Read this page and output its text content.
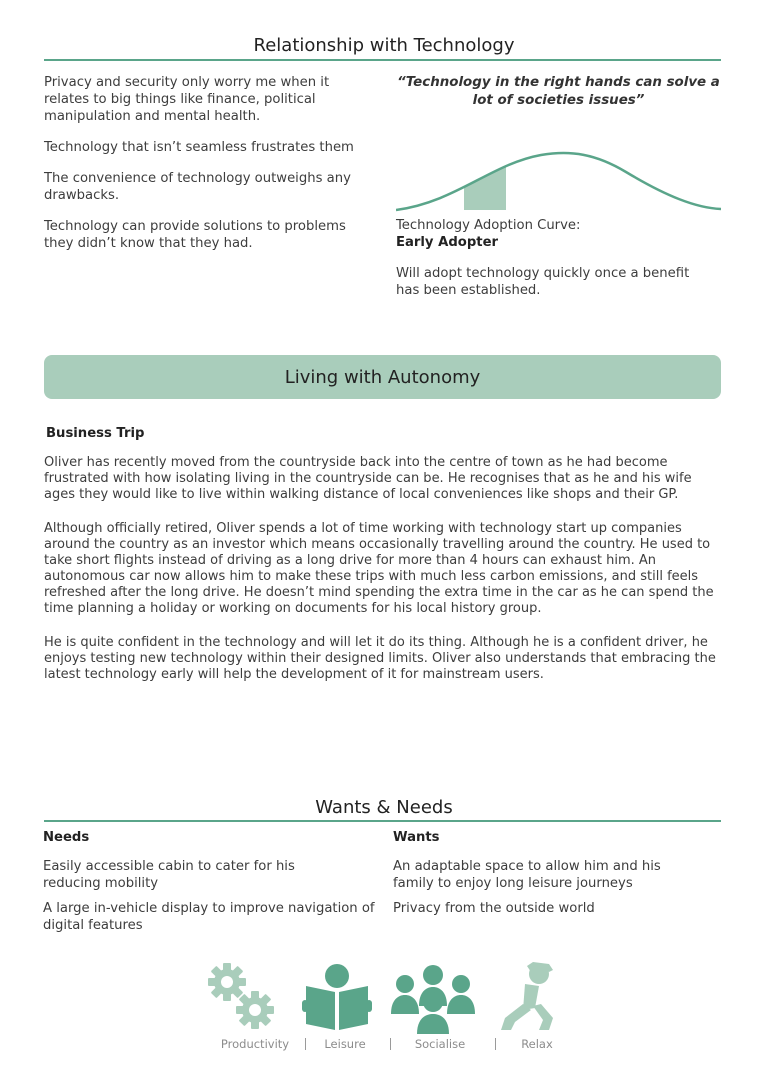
Relationship with Technology

Privacy and security only worry me when it relates to big things like finance, political manipulation and mental health.

Technology that isn’t seamless frustrates them

The convenience of technology outweighs any drawbacks.

Technology can provide solutions to problems they didn’t know that they had.

“Technology in the right hands can solve a lot of societies issues”

Technology Adoption Curve:

Early Adopter

Will adopt technology quickly once a benefit has been established.

Living with Autonomy
Business Trip

Oliver has recently moved from the countryside back into the centre of town as he had become frustrated with how isolating living in the countryside can be. He recognises that as he and his wife ages they would like to live within walking distance of local conveniences like shops and their GP.

Although officially retired, Oliver spends a lot of time working with technology start up companies around the country as an investor which means occasionally travelling around the country. He used to take short flights instead of driving as a long drive for more than 4 hours can exhaust him. An autonomous car now allows him to make these trips with much less carbon emissions, and still feels refreshed after the long drive. He doesn’t mind spending the extra time in the car as he can spend the time planning a holiday or working on documents for his local history group.

He is quite confident in the technology and will let it do its thing. Although he is a confident driver, he enjoys testing new technology within their designed limits. Oliver also understands that embracing the latest technology early will help the development of it for mainstream users.

Wants & Needs

Needs

Easily accessible cabin to cater for his reducing mobility

A large in-vehicle display to improve navigation of digital features

Wants

An adaptable space to allow him and his family to enjoy long leisure journeys

Privacy from the outside world

Productivity	Leisure	Socialise	Relax
